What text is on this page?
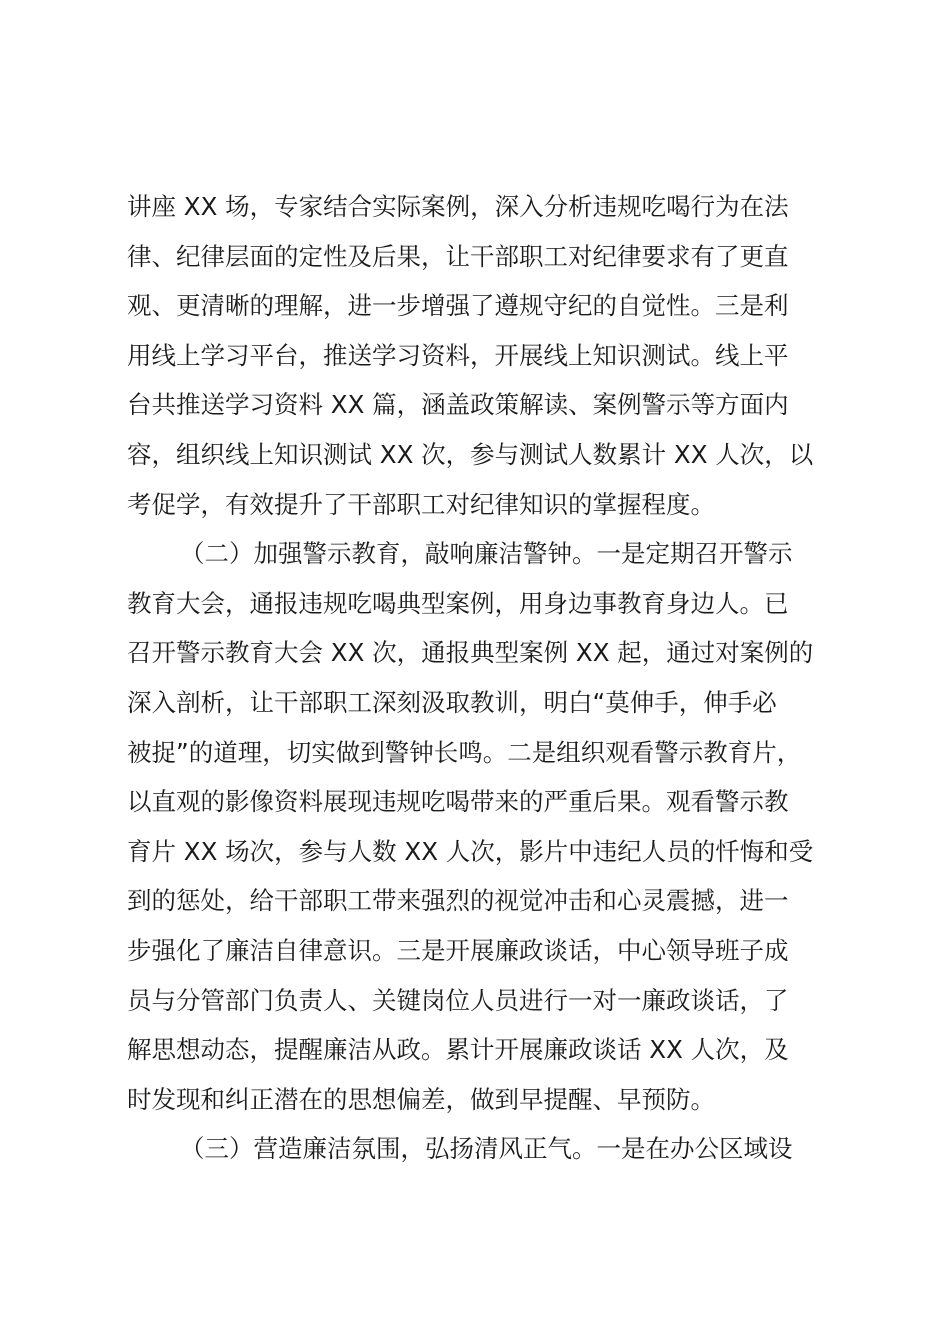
讲座 XX 场，专家结合实际案例，深入分析违规吃喝行为在法
律、纪律层面的定性及后果，让干部职工对纪律要求有了更直
观、更清晰的理解，进一步增强了遵规守纪的自觉性。三是利
用线上学习平台，推送学习资料，开展线上知识测试。线上平
台共推送学习资料 XX 篇，涵盖政策解读、案例警示等方面内
容，组织线上知识测试 XX 次，参与测试人数累计 XX 人次，以
考促学，有效提升了干部职工对纪律知识的掌握程度。
（二）加强警示教育，敲响廉洁警钟。一是定期召开警示
教育大会，通报违规吃喝典型案例，用身边事教育身边人。已
召开警示教育大会 XX 次，通报典型案例 XX 起，通过对案例的
深入剖析，让干部职工深刻汲取教训，明白“莫伸手，伸手必
被捉”的道理，切实做到警钟长鸣。二是组织观看警示教育片，
以直观的影像资料展现违规吃喝带来的严重后果。观看警示教
育片 XX 场次，参与人数 XX 人次，影片中违纪人员的忏悔和受
到的惩处，给干部职工带来强烈的视觉冲击和心灵震撼，进一
步强化了廉洁自律意识。三是开展廉政谈话，中心领导班子成
员与分管部门负责人、关键岗位人员进行一对一廉政谈话，了
解思想动态，提醒廉洁从政。累计开展廉政谈话 XX 人次，及
时发现和纠正潜在的思想偏差，做到早提醒、早预防。
（三）营造廉洁氛围，弘扬清风正气。一是在办公区域设
